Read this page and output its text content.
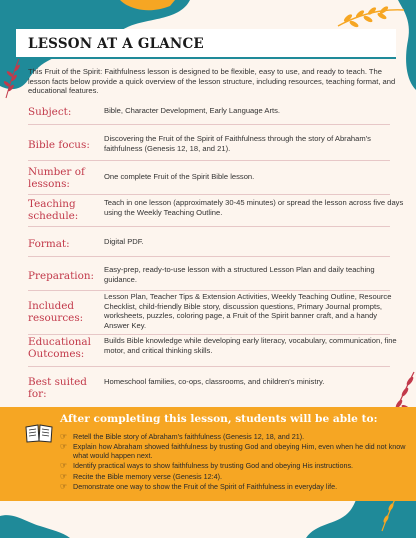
LESSON AT A GLANCE
This Fruit of the Spirit: Faithfulness lesson is designed to be flexible, easy to use, and ready to teach. The lesson facts below provide a quick overview of the lesson structure, including resources, teaching format, and educational features.
Subject:	Bible, Character Development, Early Language Arts.
Bible focus:
Discovering the Fruit of the Spirit of Faithfulness through the story of Abraham's faithfulness (Genesis 12, 18, and 21).
Number of lessons:
One complete Fruit of the Spirit Bible lesson.
Teaching schedule:
Teach in one lesson (approximately 30-45 minutes) or spread the lesson across five days using the Weekly Teaching Outline.
Format:	Digital PDF.
Preparation:
Easy-prep, ready-to-use lesson with a structured Lesson Plan and daily teaching guidance.
Included resources:
Lesson Plan, Teacher Tips & Extension Activities, Weekly Teaching Outline, Resource Checklist, child-friendly Bible story, discussion questions, Primary Journal prompts, worksheets, puzzles, coloring page, a Fruit of the Spirit banner craft, and a handy Answer Key.
Educational Outcomes:
Builds Bible knowledge while developing early literacy, vocabulary, communication, fine motor, and critical thinking skills.
Best suited for:
Homeschool families, co-ops, classrooms, and children's ministry.
After completing this lesson, students will be able to:
☞ Retell the Bible story of Abraham's faithfulness (Genesis 12, 18, and 21).
☞ Explain how Abraham showed faithfulness by trusting God and obeying Him, even when he did not know what would happen next.
☞ Identify practical ways to show faithfulness by trusting God and obeying His instructions.
☞ Recite the Bible memory verse (Genesis 12:4).
☞ Demonstrate one way to show the Fruit of the Spirit of Faithfulness in everyday life.
